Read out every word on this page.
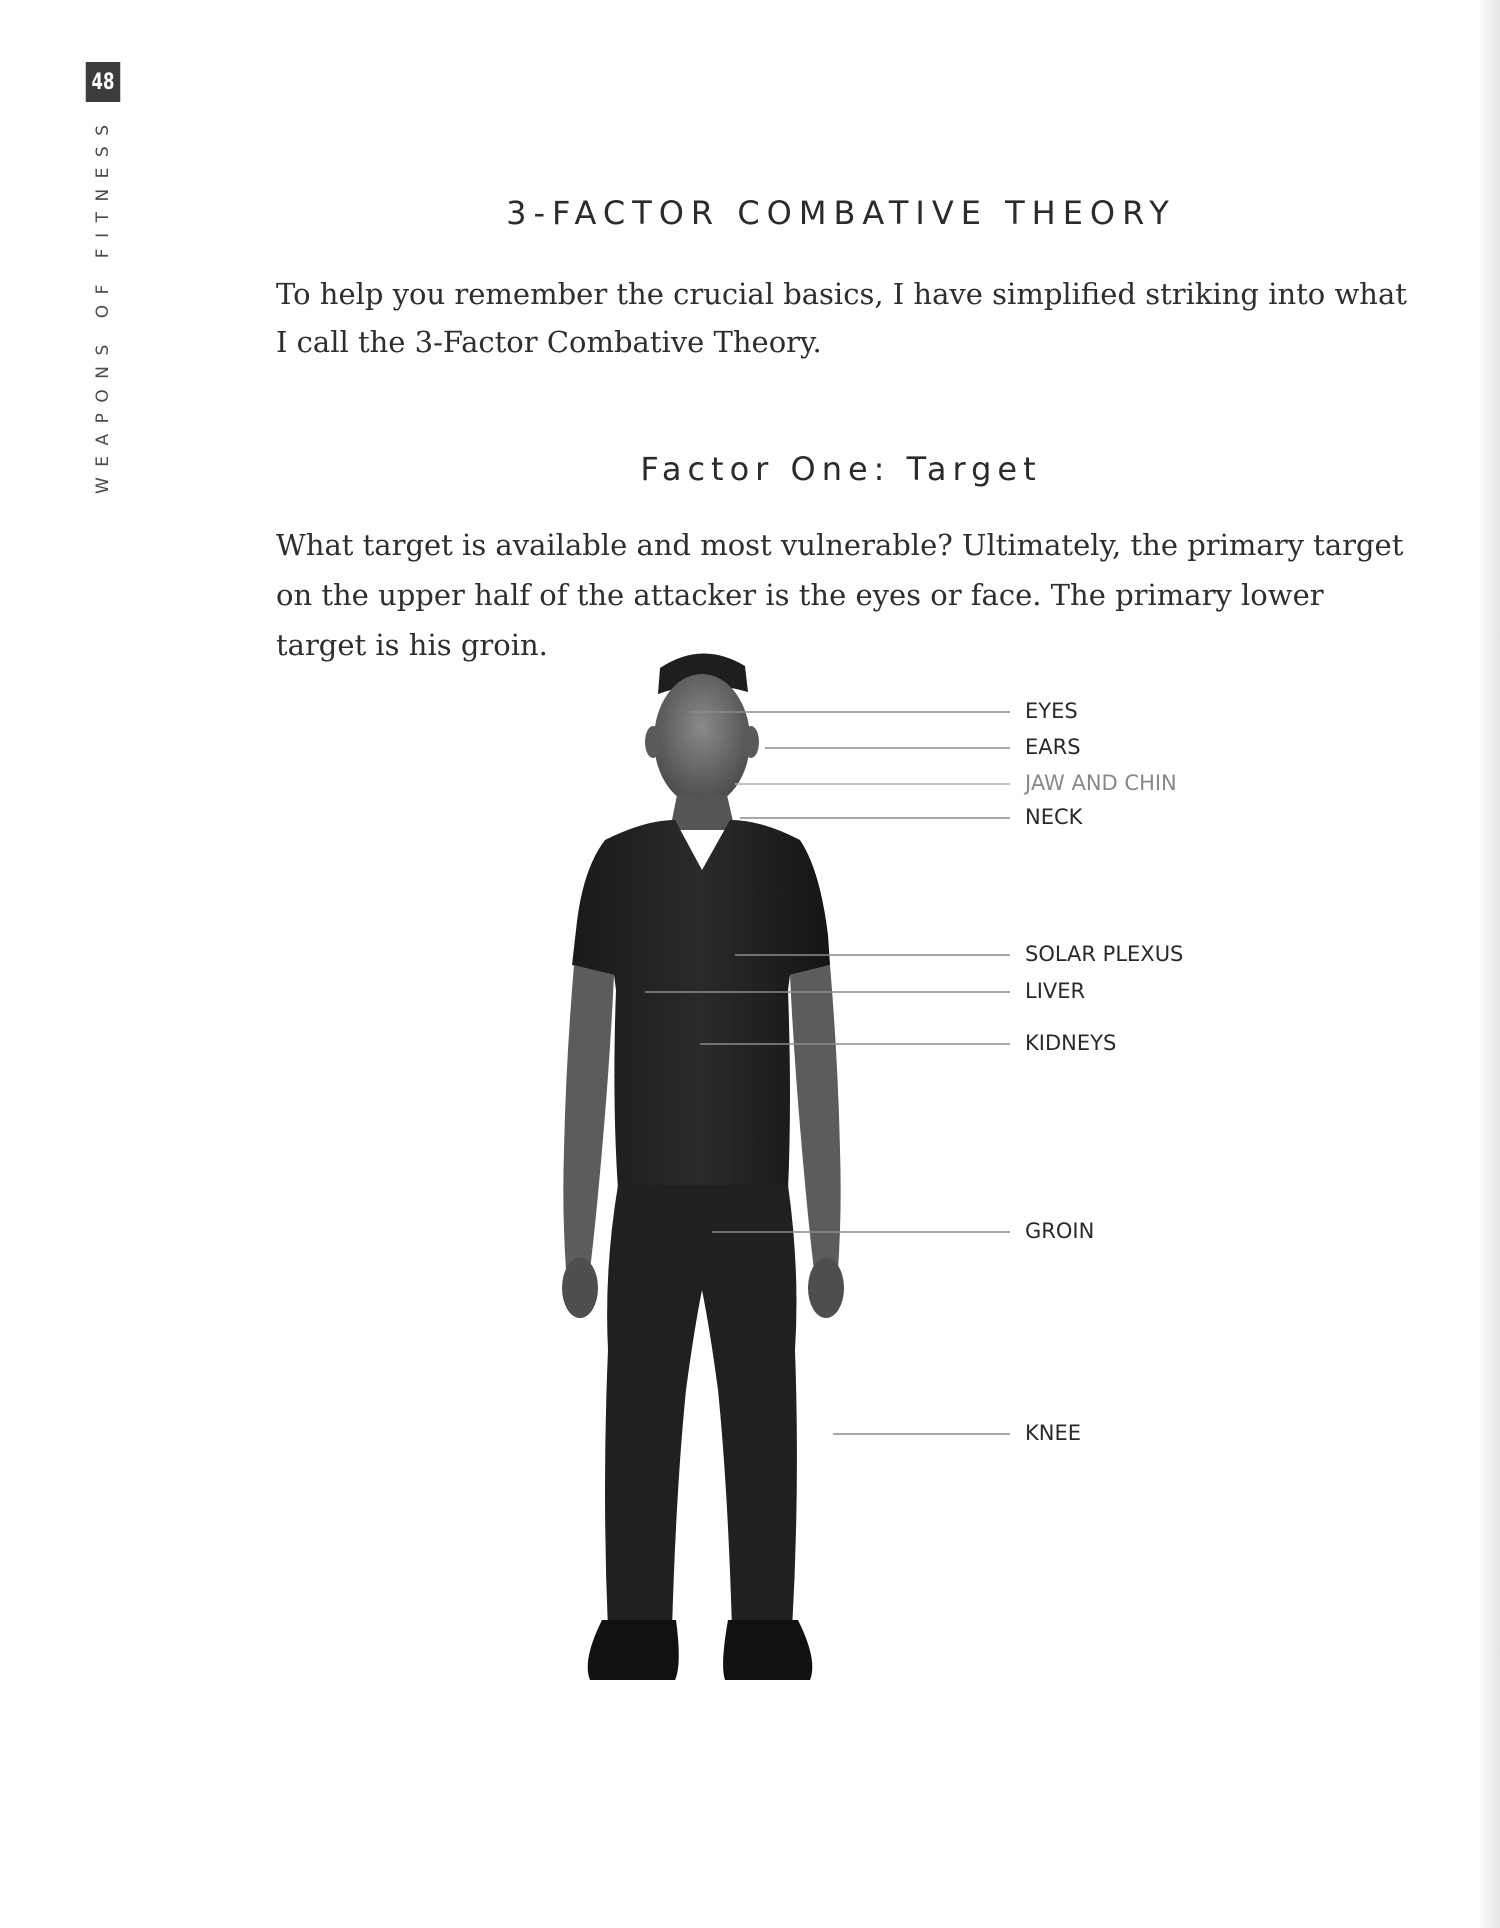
48
WEAPONS OF FITNESS	3-FACTOR COMBATIVE THEORY
To help you remember the crucial basics, I have simplified striking into what I call the 3-Factor Combative Theory.
Factor One: Target
What target is available and most vulnerable? Ultimately, the primary target on the upper half of the attacker is the eyes or face. The primary lower target is his groin.
EYES
EARS
JAW AND CHIN
NECK
SOLAR PLEXUS
LIVER
KIDNEYS
GROIN
KNEE
